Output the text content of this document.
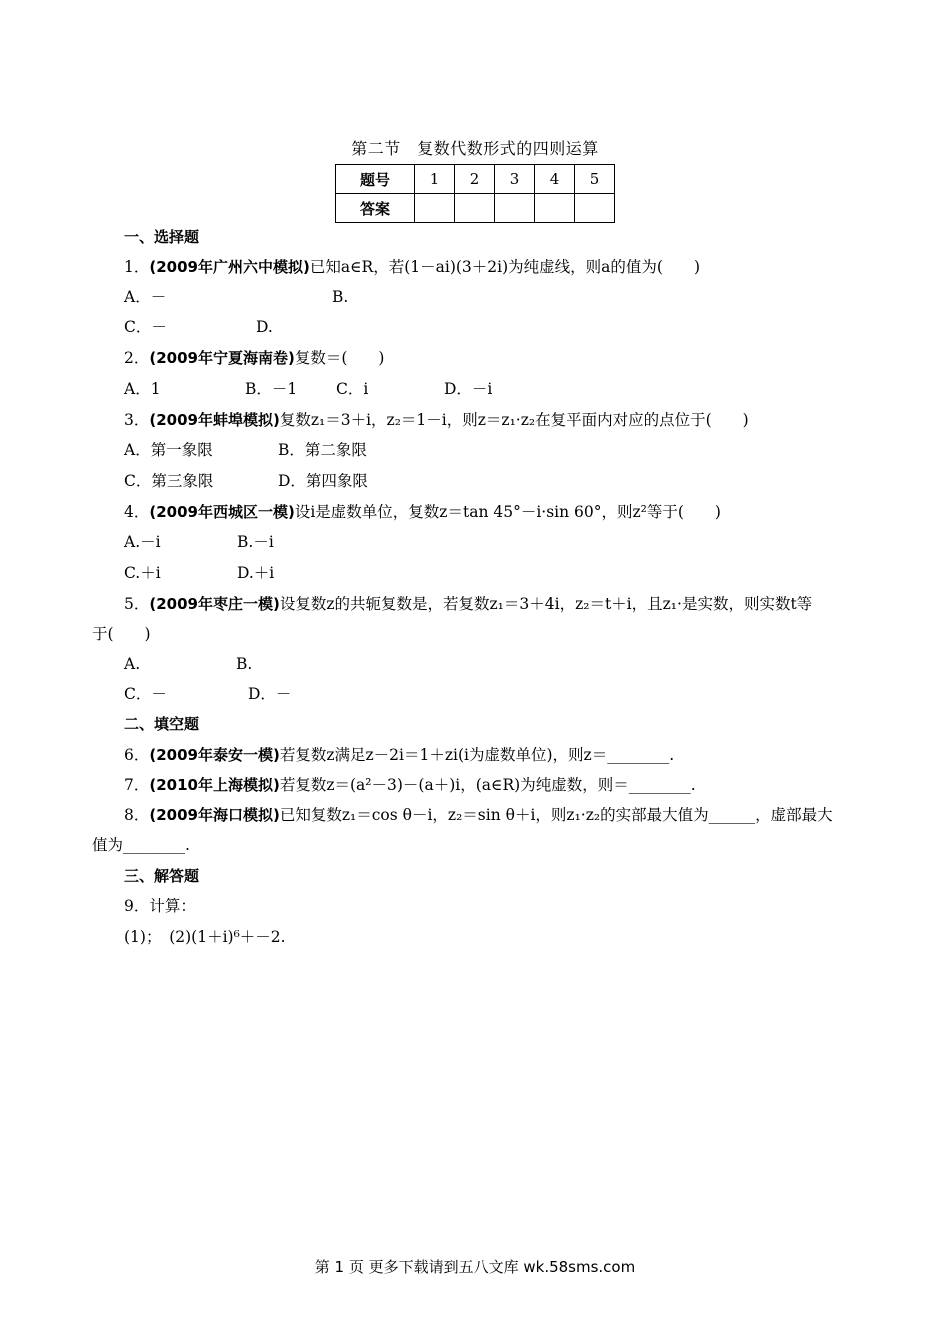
第二节　复数代数形式的四则运算
题号	1	2	3	4	5
答案					
一、选择题
1．(2009年广州六中模拟)已知a∈R，若(1－ai)(3＋2i)为纯虚线，则a的值为(　　)
A．－	B.
C．－	D.
2．(2009年宁夏海南卷)复数＝(　　)
A．1	B．－1 C．i	D．－i
3．(2009年蚌埠模拟)复数z₁＝3＋i，z₂＝1－i，则z＝z₁·z₂在复平面内对应的点位于(　　)
A．第一象限	B．第二象限
C．第三象限	D．第四象限
4．(2009年西城区一模)设i是虚数单位，复数z＝tan 45°－i·sin 60°，则z²等于(　　)
A.－i	B.－i
C.＋i	D.＋i
5．(2009年枣庄一模)设复数z的共轭复数是，若复数z₁＝3＋4i，z₂＝t＋i，且z₁·是实数，则实数t等
于(　　)
A.	B.
C．－	D．－
二、填空题
6．(2009年泰安一模)若复数z满足z－2i＝1＋zi(i为虚数单位)，则z＝________.
7．(2010年上海模拟)若复数z＝(a²－3)－(a＋)i，(a∈R)为纯虚数，则＝________.
8．(2009年海口模拟)已知复数z₁＝cos θ－i，z₂＝sin θ＋i，则z₁·z₂的实部最大值为______，虚部最大
值为________.
三、解答题
9．计算：
(1)；　(2)(1＋i)⁶＋－2.
第 1 页 更多下载请到五八文库 wk.58sms.com
